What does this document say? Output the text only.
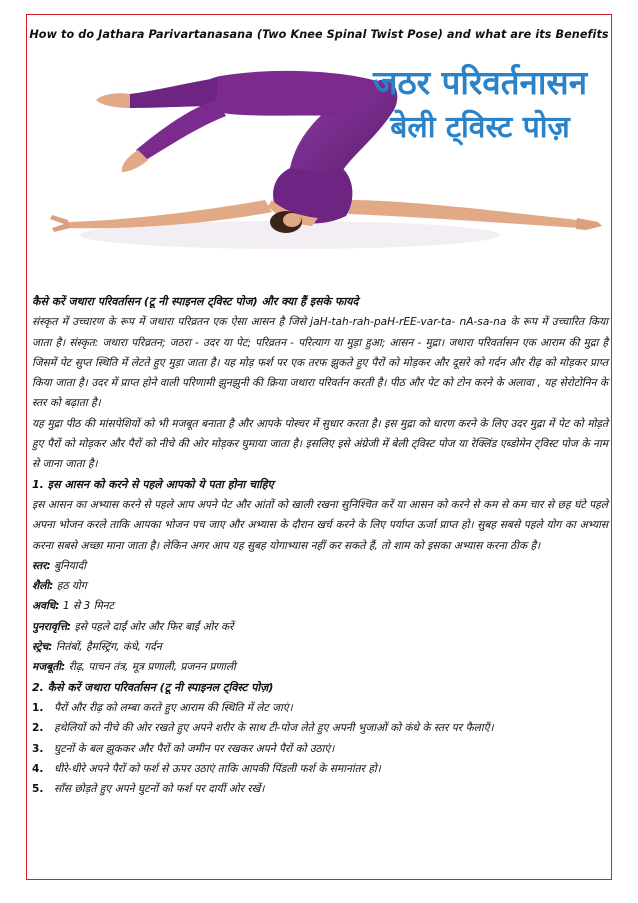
How to do Jathara Parivartanasana (Two Knee Spinal Twist Pose) and what are its Benefits
जठर परिवर्तनासन
बेली ट्विस्ट पोज़

कैसे करें जथारा परिवर्तासन (टू नी स्पाइनल ट्विस्ट पोज) और क्या हैं इसके फायदे

संस्कृत में उच्चारण के रूप में जथारा परिव्रतन एक ऐसा आसन है जिसे jaH-tah-rah-paH-rEE-var-ta- nA-sa-na के रूप में उच्चारित किया जाता है। संस्कृत: जथारा परिव्रतन; जठरा - उदर या पेट; परिव्रतन - परित्याग या मुड़ा हुआ; आसन - मुद्रा। जथारा परिवर्तासन एक आराम की मुद्रा है जिसमें पेट सुप्त स्थिति में लेटते हुए मुड़ा जाता है। यह मोड़ फर्श पर एक तरफ झुकते हुए पैरों को मोड़कर और दूसरे को गर्दन और रीढ़ को मोड़कर प्राप्त किया जाता है। उदर में प्राप्त होने वाली परिणामी झुनझुनी की क्रिया जथारा परिवर्तन करती है। पीठ और पेट को टोन करने के अलावा , यह सेरोटोनिन के स्तर को बढ़ाता है।

यह मुद्रा पीठ की मांसपेशियों को भी मजबूत बनाता है और आपके पोस्चर में सुधार करता है। इस मुद्रा को धारण करने के लिए उदर मुद्रा में पेट को मोड़ते हुए पैरों को मोड़कर और पैरों को नीचे की ओर मोड़कर घुमाया जाता है। इसलिए इसे अंग्रेजी में बेली ट्विस्ट पोज या रेक्लिंड एब्डोमेन ट्विस्ट पोज के नाम से जाना जाता है।

1. इस आसन को करने से पहले आपको ये पता होना चाहिए

इस आसन का अभ्यास करने से पहले आप अपने पेट और आंतों को खाली रखना सुनिश्चित करें या आसन को करने से कम से कम चार से छह घंटे पहले अपना भोजन करले ताकि आपका भोजन पच जाए और अभ्यास के दौरान खर्च करने के लिए पर्याप्त ऊर्जा प्राप्त हो। सुबह सबसे पहले योग का अभ्यास करना सबसे अच्छा माना जाता है। लेकिन अगर आप यह सुबह योगाभ्यास नहीं कर सकते हैं, तो शाम को इसका अभ्यास करना ठीक है।

स्तर: बुनियादी

शैली: हठ योग

अवधि: 1 से 3 मिनट

पुनरावृत्ति: इसे पहले दाईं ओर और फिर बाईं ओर करें

स्ट्रेच: नितंबों, हैमस्ट्रिंग, कंधे, गर्दन

मजबूती: रीढ़, पाचन तंत्र, मूत्र प्रणाली, प्रजनन प्रणाली

2. कैसे करें जथारा परिवर्तासन (टू नी स्पाइनल ट्विस्ट पोज़)

1. पैरों और रीढ़ को लम्बा करते हुए आराम की स्थिति में लेट जाएं।

2. हथेलियों को नीचे की ओर रखते हुए अपने शरीर के साथ टी-पोज लेते हुए अपनी भुजाओं को कंधे के स्तर पर फैलाएँ।

3. घुटनों के बल झुककर और पैरों को जमीन पर रखकर अपने पैरों को उठाएं।

4. धीरे-धीरे अपने पैरों को फर्श से ऊपर उठाएं ताकि आपकी पिंडली फर्श के समानांतर हो।

5. साँस छोड़ते हुए अपने घुटनों को फर्श पर दायीं ओर रखें।
